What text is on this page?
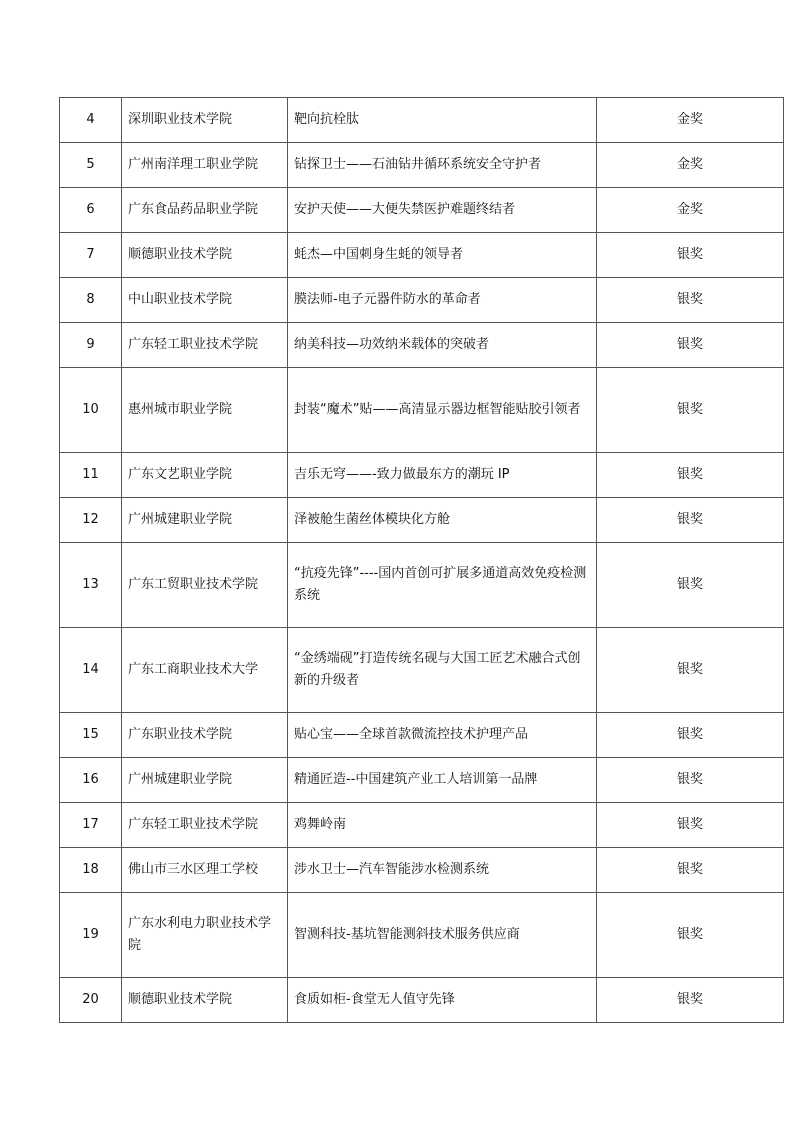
4	深圳职业技术学院	靶向抗栓肽	金奖
5	广州南洋理工职业学院	钻探卫士——石油钻井循环系统安全守护者	金奖
6	广东食品药品职业学院	安护天使——大便失禁医护难题终结者	金奖
7	顺德职业技术学院	蚝杰—中国刺身生蚝的领导者	银奖
8	中山职业技术学院	膜法师-电子元器件防水的革命者	银奖
9	广东轻工职业技术学院	纳美科技—功效纳米载体的突破者	银奖
10	惠州城市职业学院	封装“魔术”贴——高清显示器边框智能贴胶引领者	银奖
11	广东文艺职业学院	吉乐无穹——-致力做最东方的潮玩 IP	银奖
12	广州城建职业学院	泽被舱生菌丝体模块化方舱	银奖
13	广东工贸职业技术学院	“抗疫先锋”----国内首创可扩展多通道高效免疫检测系统	银奖
14	广东工商职业技术大学	“金绣端砚”打造传统名砚与大国工匠艺术融合式创新的升级者	银奖
15	广东职业技术学院	贴心宝——全球首款微流控技术护理产品	银奖
16	广州城建职业学院	精通匠造--中国建筑产业工人培训第一品牌	银奖
17	广东轻工职业技术学院	鸡舞岭南	银奖
18	佛山市三水区理工学校	涉水卫士—汽车智能涉水检测系统	银奖
19	广东水利电力职业技术学院	智测科技-基坑智能测斜技术服务供应商	银奖
20	顺德职业技术学院	食质如柜-食堂无人值守先锋	银奖
